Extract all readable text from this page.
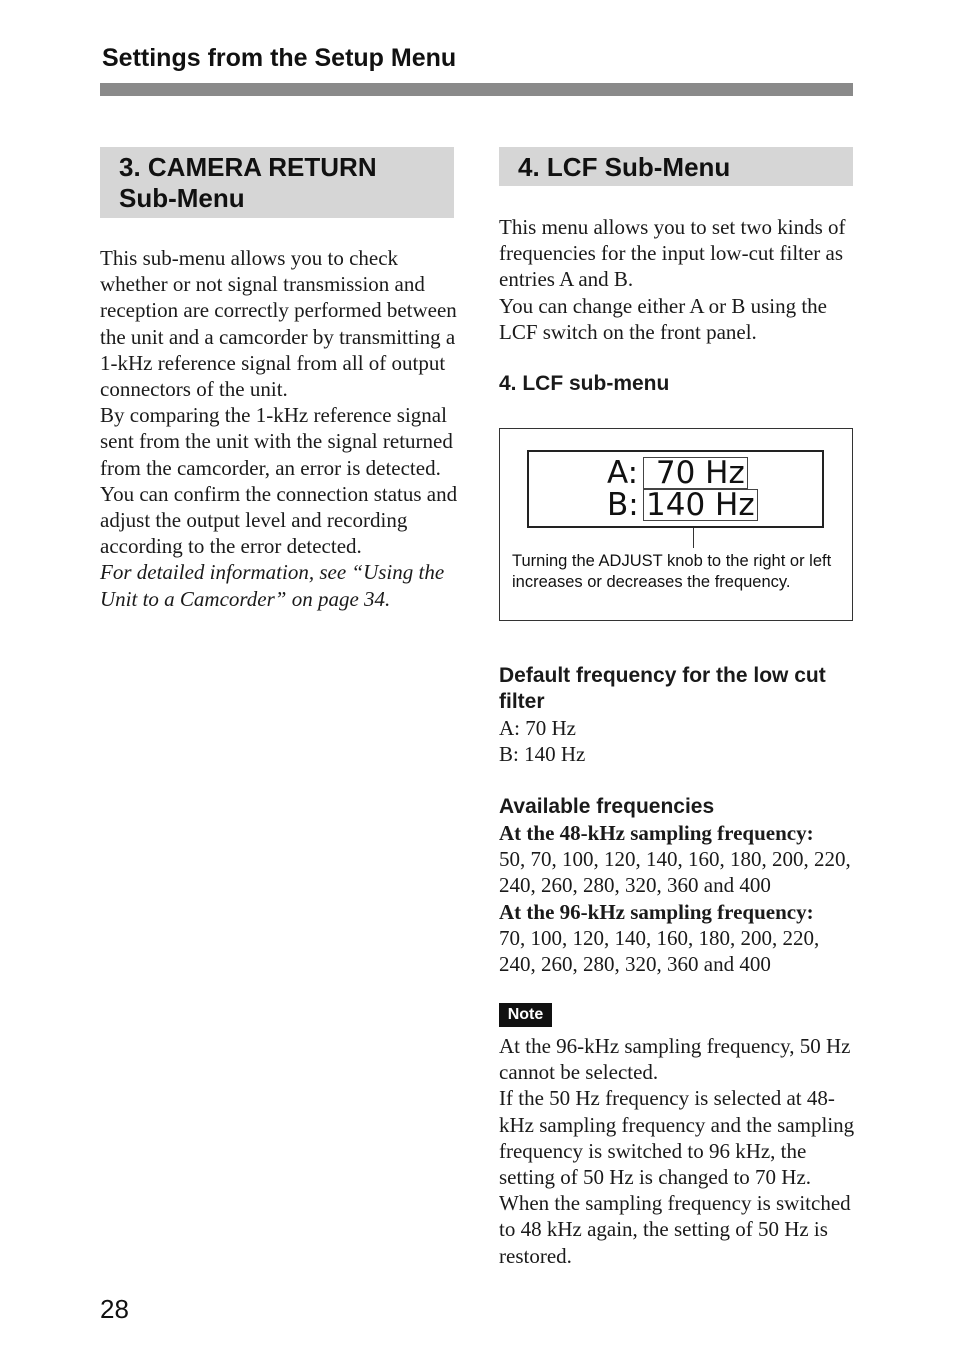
Settings from the Setup Menu
3. CAMERA RETURN
Sub-Menu

This sub-menu allows you to check whether or not signal transmission and reception are correctly performed between the unit and a camcorder by transmitting a 1-kHz reference signal from all of output connectors of the unit.

By comparing the 1-kHz reference signal sent from the unit with the signal returned from the camcorder, an error is detected. You can confirm the connection status and adjust the output level and recording according to the error detected.

For detailed information, see “Using the Unit to a Camcorder” on page 34.

4. LCF Sub-Menu

This menu allows you to set two kinds of frequencies for the input low-cut filter as entries A and B.

You can change either A or B using the LCF switch on the front panel.

4. LCF sub-menu
A: 70 Hz
B: 140 Hz
Turning the ADJUST knob to the right or left increases or decreases the frequency.
Default frequency for the low cut filter

A: 70 Hz

B: 140 Hz

Available frequencies

At the 48-kHz sampling frequency:

50, 70, 100, 120, 140, 160, 180, 200, 220, 240, 260, 280, 320, 360 and 400

At the 96-kHz sampling frequency:

70, 100, 120, 140, 160, 180, 200, 220, 240, 260, 280, 320, 360 and 400

Note

At the 96-kHz sampling frequency, 50 Hz cannot be selected.

If the 50 Hz frequency is selected at 48-kHz sampling frequency and the sampling frequency is switched to 96 kHz, the setting of 50 Hz is changed to 70 Hz. When the sampling frequency is switched to 48 kHz again, the setting of 50 Hz is restored.

28
